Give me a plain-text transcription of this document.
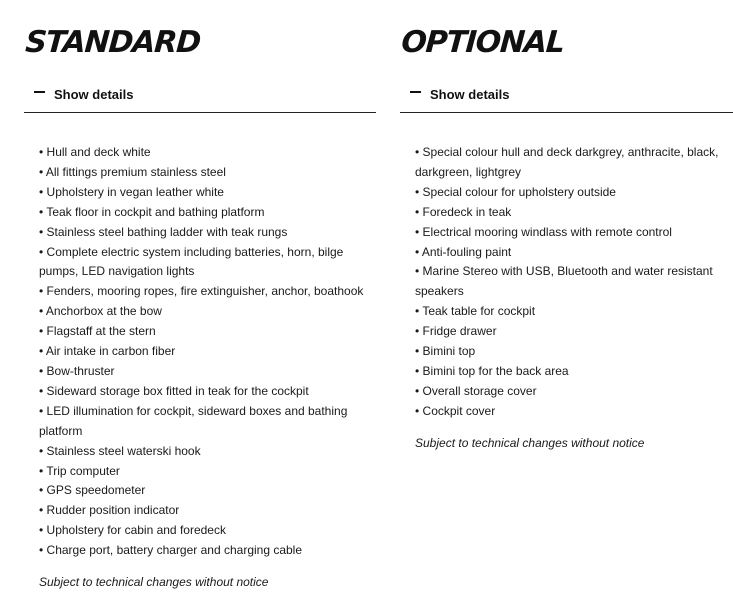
STANDARD
Show details
• Hull and deck white
• All fittings premium stainless steel
• Upholstery in vegan leather white
• Teak floor in cockpit and bathing platform
• Stainless steel bathing ladder with teak rungs
• Complete electric system including batteries, horn, bilge pumps, LED navigation lights
• Fenders, mooring ropes, fire extinguisher, anchor, boathook
• Anchorbox at the bow
• Flagstaff at the stern
• Air intake in carbon fiber
• Bow-thruster
• Sideward storage box fitted in teak for the cockpit
• LED illumination for cockpit, sideward boxes and bathing platform
• Stainless steel waterski hook
• Trip computer
• GPS speedometer
• Rudder position indicator
• Upholstery for cabin and foredeck
• Charge port, battery charger and charging cable

Subject to technical changes without notice

OPTIONAL
Show details
• Special colour hull and deck darkgrey, anthracite, black, darkgreen, lightgrey
• Special colour for upholstery outside
• Foredeck in teak
• Electrical mooring windlass with remote control
• Anti-fouling paint
• Marine Stereo with USB, Bluetooth and water resistant speakers
• Teak table for cockpit
• Fridge drawer
• Bimini top
• Bimini top for the back area
• Overall storage cover
• Cockpit cover

Subject to technical changes without notice
